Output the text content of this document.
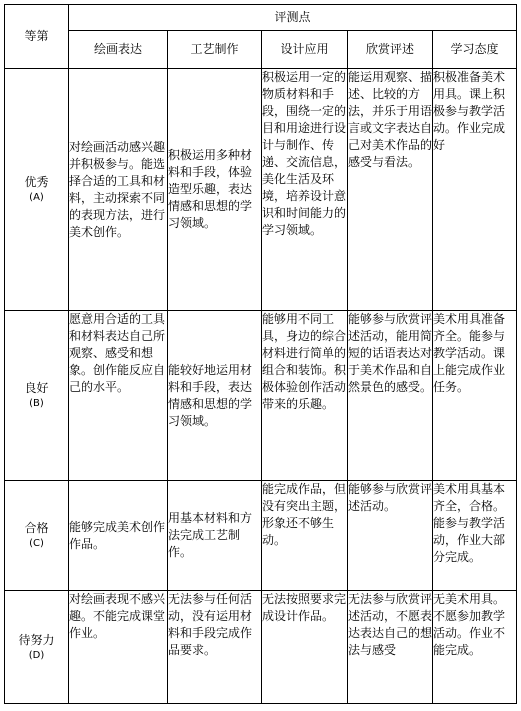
等第	评测点				
	绘画表达	工艺制作	设计应用	欣赏评述	学习态度
优秀
(A)	对绘画活动感兴趣并积极参与。能选择合适的工具和材料，主动探索不同的表现方法，进行美术创作。	积极运用多种材料和手段，体验造型乐趣，表达情感和思想的学习领域。	积极运用一定的物质材料和手段，围绕一定的目和用途进行设计与制作、传递、交流信息，美化生活及环境，培养设计意识和时间能力的学习领域。	能运用观察、描述、比较的方法，并乐于用语言或文字表达自己对美术作品的感受与看法。	积极准备美术用具。课上积极参与教学活动。作业完成好
良好
(B)	愿意用合适的工具和材料表达自己所观察、感受和想象。创作能反应自己的水平。	能较好地运用材料和手段，表达情感和思想的学习领域。	能够用不同工具，身边的综合材料进行简单的组合和装饰。积极体验创作活动带来的乐趣。	能够参与欣赏评述活动，能用简短的话语表达对于美术作品和自然景色的感受。	美术用具准备齐全。能参与教学活动。课上能完成作业任务。
合格
(C)	能够完成美术创作作品。	用基本材料和方法完成工艺制作。	能完成作品，但没有突出主题，形象还不够生动。	能够参与欣赏评述活动。	美术用具基本齐全，合格。能参与教学活动，作业大部分完成。
待努力
(D)	对绘画表现不感兴趣。不能完成课堂作业。	无法参与任何活动，没有运用材料和手段完成作品要求。	无法按照要求完成设计作品。	无法参与欣赏评述活动，不愿表达表达自己的想法与感受	无美术用具。不愿参加教学活动。作业不能完成。
